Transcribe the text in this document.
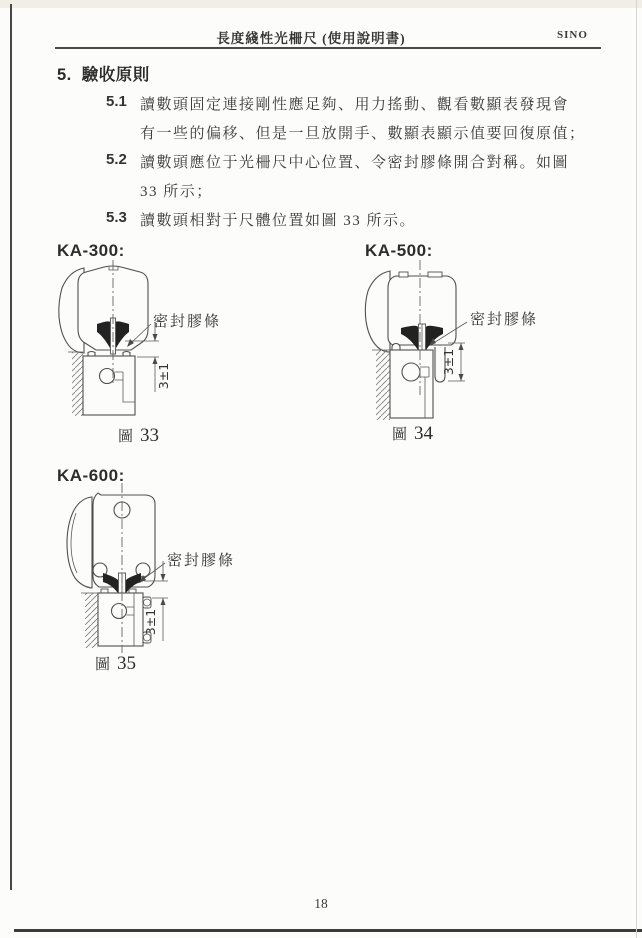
長度綫性光柵尺 (使用說明書)	SINO
5. 驗收原則
5.1 讀數頭固定連接剛性應足夠、用力搖動、觀看數顯表發現會
有一些的偏移、但是一旦放開手、數顯表顯示值要回復原值；
5.2 讀數頭應位于光柵尺中心位置、令密封膠條開合對稱。如圖
33 所示；
5.3 讀數頭相對于尺體位置如圖 33 所示。
KA-300:
3±1
密封膠條
圖 33
KA-500:
3±1
密封膠條
圖 34
KA-600:
3±1
密封膠條
圖 35
18
